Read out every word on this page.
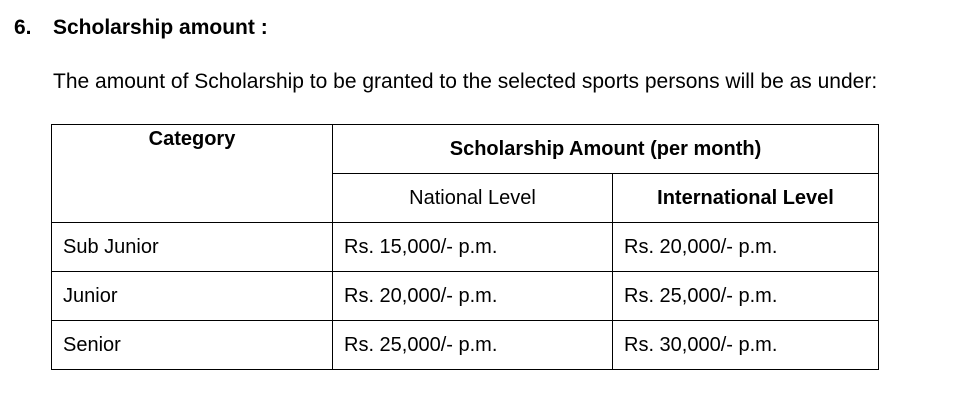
6. Scholarship amount :
The amount of Scholarship to be granted to the selected sports persons will be as under:
Category	Scholarship Amount (per month)	
	National Level	International Level
Sub Junior	Rs. 15,000/- p.m.	Rs. 20,000/- p.m.
Junior	Rs. 20,000/- p.m.	Rs. 25,000/- p.m.
Senior	Rs. 25,000/- p.m.	Rs. 30,000/- p.m.
